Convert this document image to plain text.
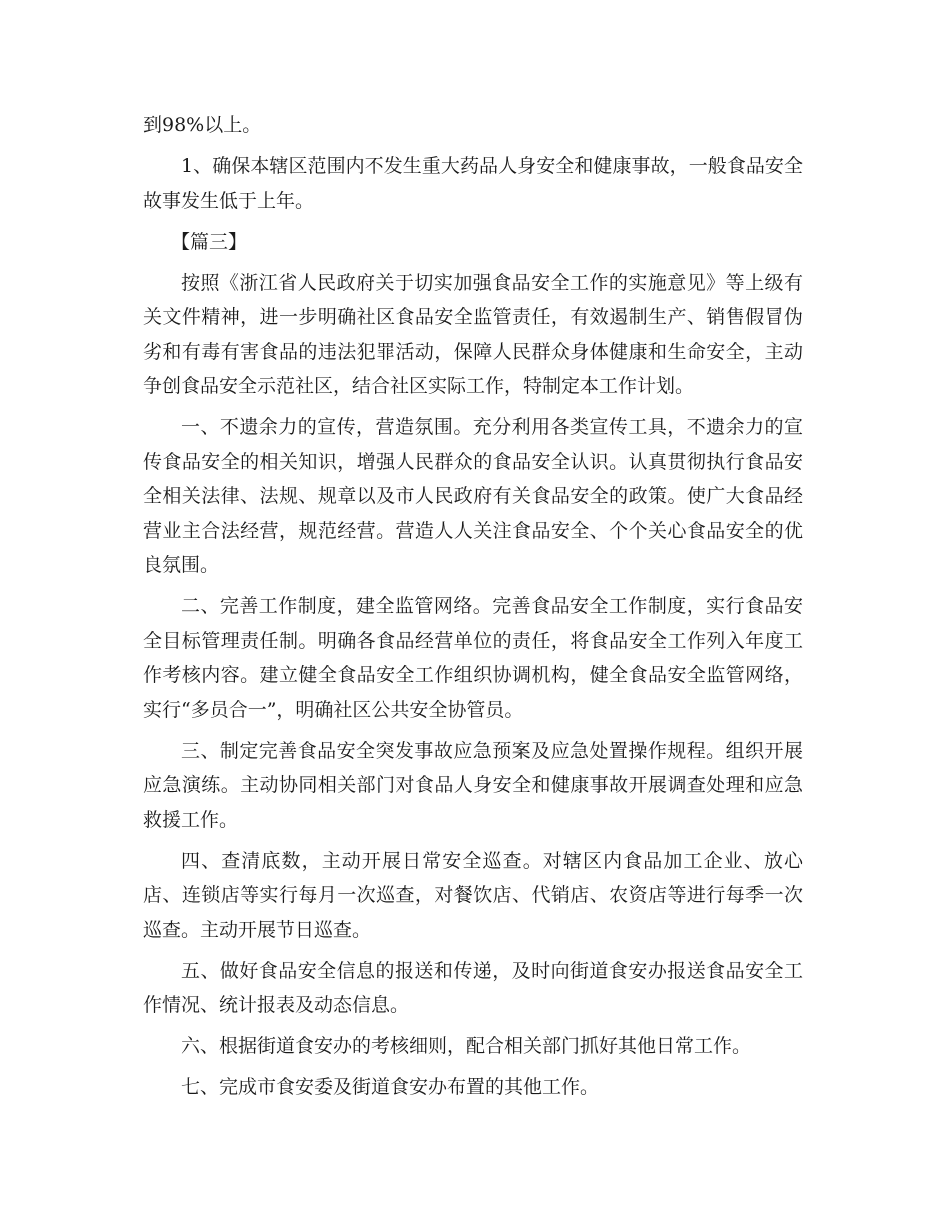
到98%以上。

1、确保本辖区范围内不发生重大药品人身安全和健康事故，一般食品安全故事发生低于上年。

【篇三】

按照《浙江省人民政府关于切实加强食品安全工作的实施意见》等上级有关文件精神，进一步明确社区食品安全监管责任，有效遏制生产、销售假冒伪劣和有毒有害食品的违法犯罪活动，保障人民群众身体健康和生命安全，主动争创食品安全示范社区，结合社区实际工作，特制定本工作计划。

一、不遗余力的宣传，营造氛围。充分利用各类宣传工具，不遗余力的宣传食品安全的相关知识，增强人民群众的食品安全认识。认真贯彻执行食品安全相关法律、法规、规章以及市人民政府有关食品安全的政策。使广大食品经营业主合法经营，规范经营。营造人人关注食品安全、个个关心食品安全的优良氛围。

二、完善工作制度，建全监管网络。完善食品安全工作制度，实行食品安全目标管理责任制。明确各食品经营单位的责任，将食品安全工作列入年度工作考核内容。建立健全食品安全工作组织协调机构，健全食品安全监管网络，实行“多员合一”，明确社区公共安全协管员。

三、制定完善食品安全突发事故应急预案及应急处置操作规程。组织开展应急演练。主动协同相关部门对食品人身安全和健康事故开展调查处理和应急救援工作。

四、查清底数，主动开展日常安全巡查。对辖区内食品加工企业、放心店、连锁店等实行每月一次巡查，对餐饮店、代销店、农资店等进行每季一次巡查。主动开展节日巡查。

五、做好食品安全信息的报送和传递，及时向街道食安办报送食品安全工作情况、统计报表及动态信息。

六、根据街道食安办的考核细则，配合相关部门抓好其他日常工作。

七、完成市食安委及街道食安办布置的其他工作。
